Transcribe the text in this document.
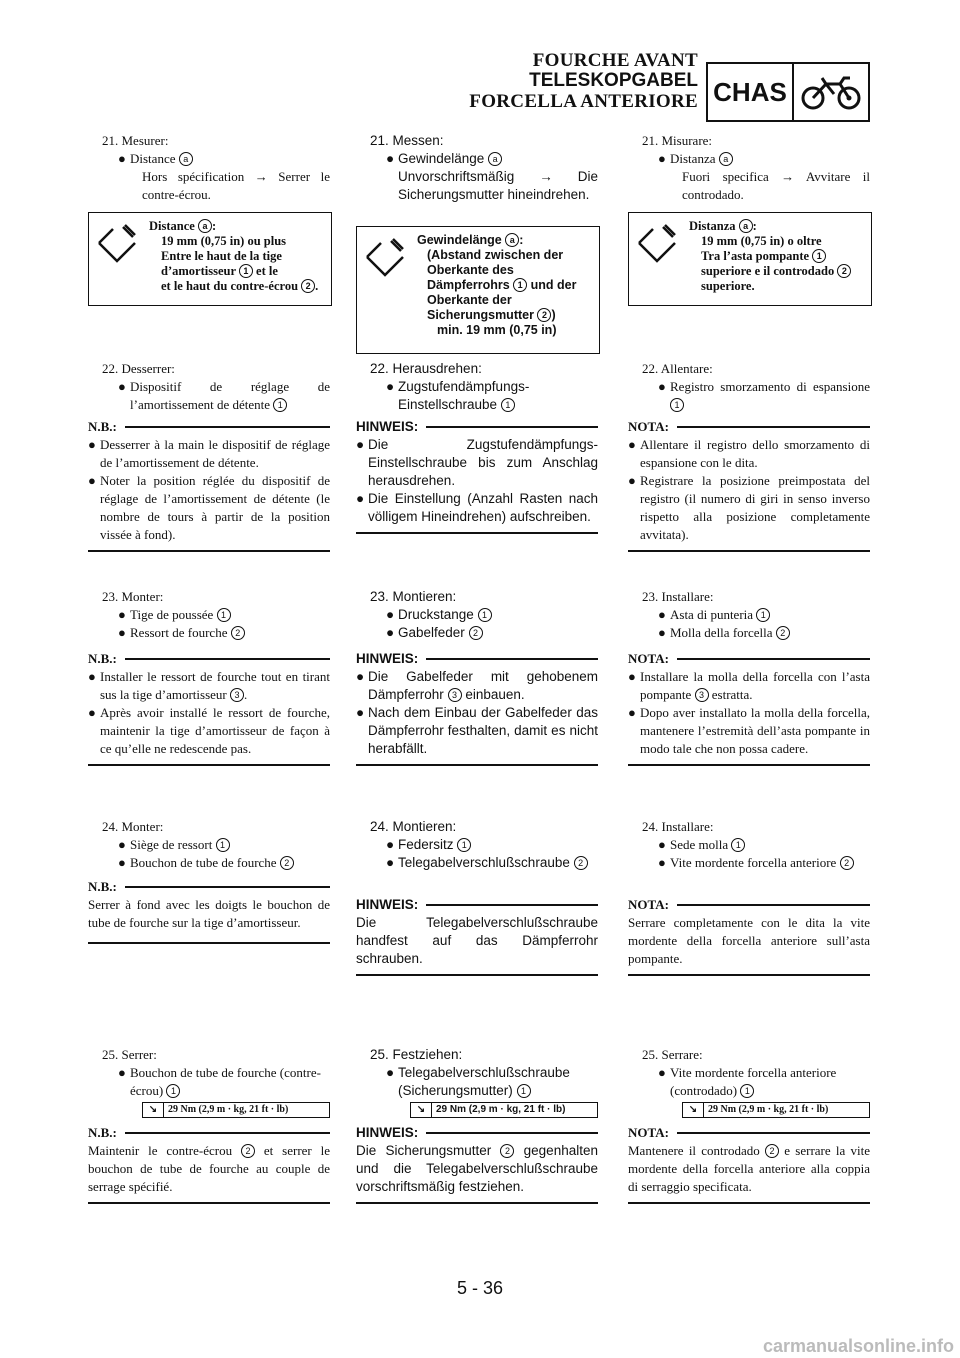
FOURCHE AVANT
TELESKOPGABEL
FORCELLA ANTERIORE CHAS
21. Mesurer:
● Distance a
Hors spécification → Serrer le contre-écrou.
Distance a :
19 mm (0,75 in) ou plus
Entre le haut de la tige d’amortisseur 1 et le
et le haut du contre-écrou 2 .
22. Desserrer:
● Dispositif de réglage de l’amortissement de détente 1
N.B.:
● Desserrer à la main le dispositif de réglage de l’amortissement de détente.
● Noter la position réglée du dispositif de réglage de l’amortissement de détente (le nombre de tours à partir de la position vissée à fond).
23. Monter:
● Tige de poussée 1
● Ressort de fourche 2
N.B.:
● Installer le ressort de fourche tout en tirant sus la tige d’amortisseur 3 .
● Après avoir installé le ressort de fourche, maintenir la tige d’amortisseur de façon à ce qu’elle ne redescende pas.
24. Monter:
● Siège de ressort 1
● Bouchon de tube de fourche 2
N.B.:
Serrer à fond avec les doigts le bouchon de tube de fourche sur la tige d’amortisseur.
25. Serrer:
● Bouchon de tube de fourche (contre-écrou) 1
↘	29 Nm (2,9 m · kg, 21 ft · lb)
N.B.:
Maintenir le contre-écrou 2 et serrer le bouchon de tube de fourche au couple de serrage spécifié.
21. Messen:
● Gewindelänge a
Unvorschriftsmäßig → Die Sicherungsmutter hineindrehen.
Gewindelänge a :
(Abstand zwischen der Oberkante des Dämpferrohrs 1 und der Oberkante der Sicherungsmutter 2 )
min. 19 mm (0,75 in)
22. Herausdrehen:
● Zugstufendämpfungs-Einstellschraube 1
HINWEIS:
● Die Zugstufendämpfungs-Einstellschraube bis zum Anschlag herausdrehen.
● Die Einstellung (Anzahl Rasten nach völligem Hineindrehen) aufschreiben.
23. Montieren:
● Druckstange 1
● Gabelfeder 2
HINWEIS:
● Die Gabelfeder mit gehobenem Dämpferrohr 3 einbauen.
● Nach dem Einbau der Gabelfeder das Dämpferrohr festhalten, damit es nicht herabfällt.
24. Montieren:
● Federsitz 1
● Telegabelverschlußschraube 2
HINWEIS:
Die Telegabelverschlußschraube handfest auf das Dämpferrohr schrauben.
25. Festziehen:
● Telegabelverschlußschraube (Sicherungsmutter) 1
↘	29 Nm (2,9 m · kg, 21 ft · lb)
HINWEIS:
Die Sicherungsmutter 2 gegenhalten und die Telegabelverschlußschraube vorschriftsmäßig festziehen.
21. Misurare:
● Distanza a
Fuori specifica → Avvitare il controdado.
Distanza a :
19 mm (0,75 in) o oltre
Tra l’asta pompante 1
superiore e il controdado 2 superiore.
22. Allentare:
● Registro smorzamento di espansione 1
NOTA:
● Allentare il registro dello smorzamento di espansione con le dita.
● Registrare la posizione preimpostata del registro (il numero di giri in senso inverso rispetto alla posizione completamente avvitata).
23. Installare:
● Asta di punteria 1
● Molla della forcella 2
NOTA:
● Installare la molla della forcella con l’asta pompante 3 estratta.
● Dopo aver installato la molla della forcella, mantenere l’estremità dell’asta pompante in modo tale che non possa cadere.
24. Installare:
● Sede molla 1
● Vite mordente forcella anteriore 2
NOTA:
Serrare completamente con le dita la vite mordente della forcella anteriore sull’asta pompante.
25. Serrare:
● Vite mordente forcella anteriore (controdado) 1
↘	29 Nm (2,9 m · kg, 21 ft · lb)
NOTA:
Mantenere il controdado 2 e serrare la vite mordente della forcella anteriore alla coppia di serraggio specificata.
5 - 36
carmanualsonline.info
